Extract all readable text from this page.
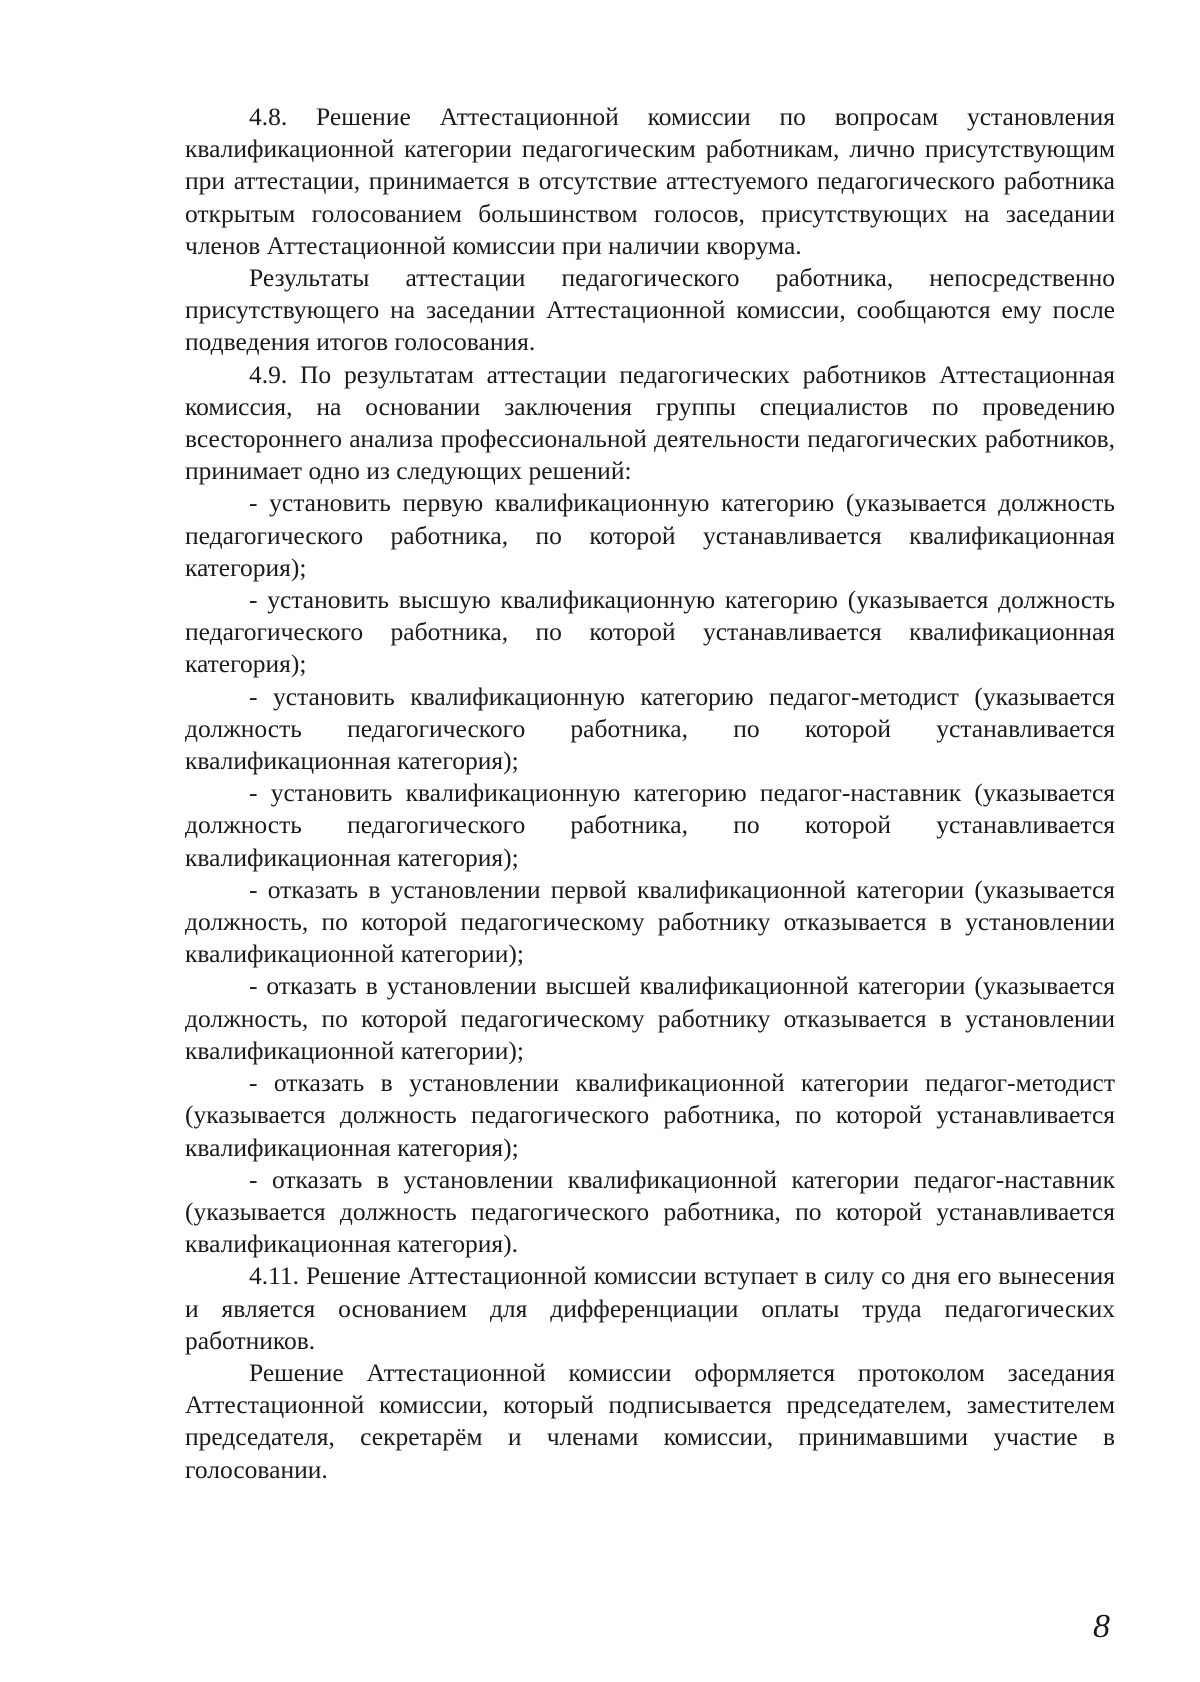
4.8. Решение Аттестационной комиссии по вопросам установления квалификационной категории педагогическим работникам, лично присутствующим при аттестации, принимается в отсутствие аттестуемого педагогического работника открытым голосованием большинством голосов, присутствующих на заседании членов Аттестационной комиссии при наличии кворума.

Результаты аттестации педагогического работника, непосредственно присутствующего на заседании Аттестационной комиссии, сообщаются ему после подведения итогов голосования.

4.9. По результатам аттестации педагогических работников Аттестационная комиссия, на основании заключения группы специалистов по проведению всестороннего анализа профессиональной деятельности педагогических работников, принимает одно из следующих решений:

- установить первую квалификационную категорию (указывается должность педагогического работника, по которой устанавливается квалификационная категория);

- установить высшую квалификационную категорию (указывается должность педагогического работника, по которой устанавливается квалификационная категория);

- установить квалификационную категорию педагог-методист (указывается должность педагогического работника, по которой устанавливается квалификационная категория);

- установить квалификационную категорию педагог-наставник (указывается должность педагогического работника, по которой устанавливается квалификационная категория);

- отказать в установлении первой квалификационной категории (указывается должность, по которой педагогическому работнику отказывается в установлении квалификационной категории);

- отказать в установлении высшей квалификационной категории (указывается должность, по которой педагогическому работнику отказывается в установлении квалификационной категории);

- отказать в установлении квалификационной категории педагог-методист (указывается должность педагогического работника, по которой устанавливается квалификационная категория);

- отказать в установлении квалификационной категории педагог-наставник (указывается должность педагогического работника, по которой устанавливается квалификационная категория).

4.11. Решение Аттестационной комиссии вступает в силу со дня его вынесения и является основанием для дифференциации оплаты труда педагогических работников.

Решение Аттестационной комиссии оформляется протоколом заседания Аттестационной комиссии, который подписывается председателем, заместителем председателя, секретарём и членами комиссии, принимавшими участие в голосовании.

8
